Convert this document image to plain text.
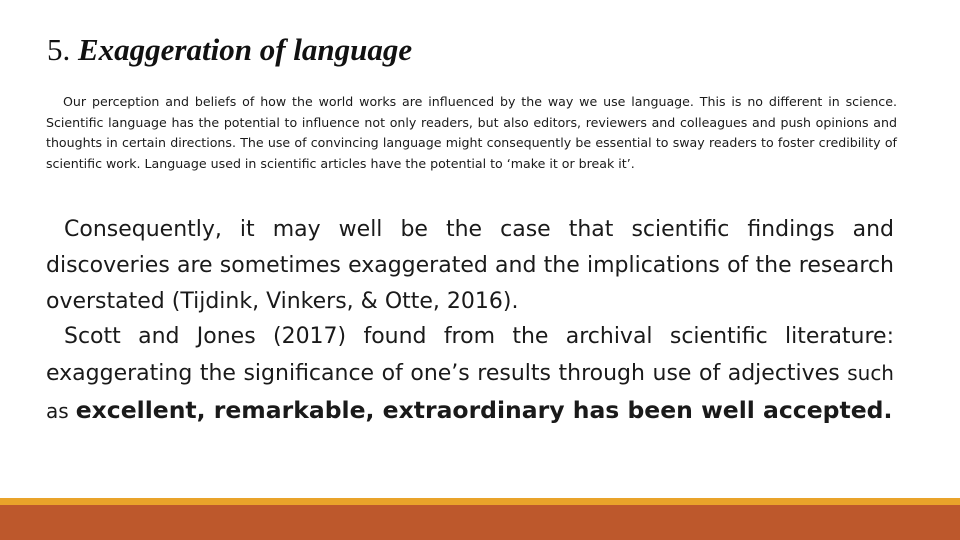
5. Exaggeration of language

Our perception and beliefs of how the world works are influenced by the way we use language. This is no different in science. Scientific language has the potential to influence not only readers, but also editors, reviewers and colleagues and push opinions and thoughts in certain directions. The use of convincing language might consequently be essential to sway readers to foster credibility of scientific work. Language used in scientific articles have the potential to ‘make it or break it’.

Consequently, it may well be the case that scientific findings and discoveries are sometimes exaggerated and the implications of the research overstated (Tijdink, Vinkers, & Otte, 2016).

Scott and Jones (2017) found from the archival scientific literature: exaggerating the significance of one’s results through use of adjectives such as excellent, remarkable, extraordinary has been well accepted.
